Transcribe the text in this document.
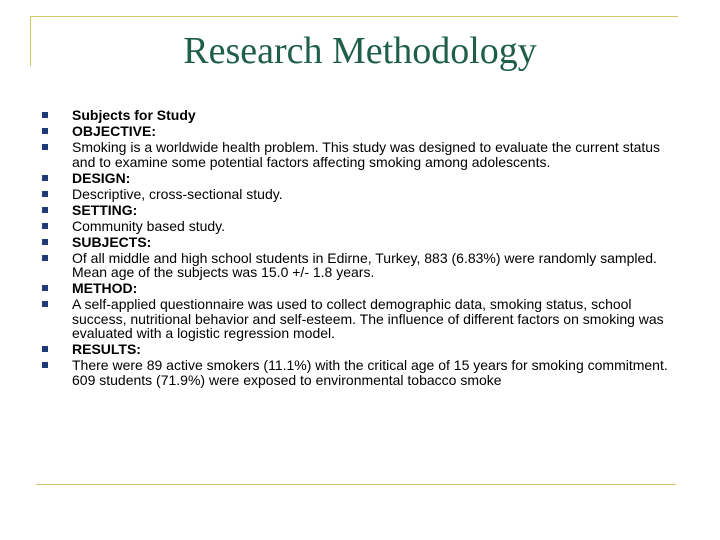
Research Methodology
Subjects for Study
OBJECTIVE:
Smoking is a worldwide health problem. This study was designed to evaluate the current status and to examine some potential factors affecting smoking among adolescents.
DESIGN:
Descriptive, cross-sectional study.
SETTING:
Community based study.
SUBJECTS:
Of all middle and high school students in Edirne, Turkey, 883 (6.83%) were randomly sampled. Mean age of the subjects was 15.0 +/- 1.8 years.
METHOD:
A self-applied questionnaire was used to collect demographic data, smoking status, school success, nutritional behavior and self-esteem. The influence of different factors on smoking was evaluated with a logistic regression model.
RESULTS:
There were 89 active smokers (11.1%) with the critical age of 15 years for smoking commitment. 609 students (71.9%) were exposed to environmental tobacco smoke
